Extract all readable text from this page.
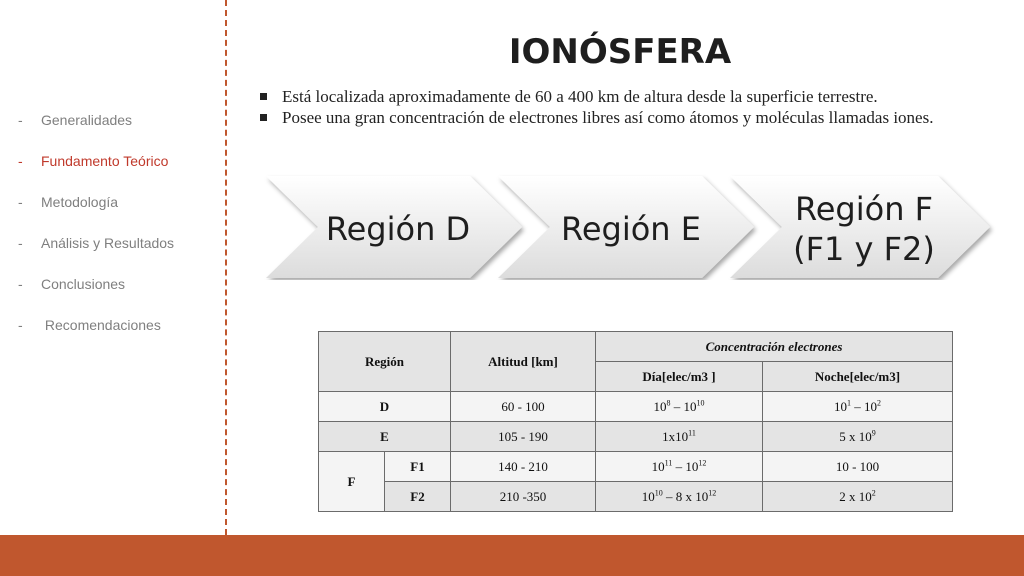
-	Generalidades
-	Fundamento Teórico
-	Metodología
-	Análisis y Resultados
-	Conclusiones
-	Recomendaciones
IONÓSFERA
Está localizada aproximadamente de 60 a 400 km de altura desde la superficie terrestre.
Posee una gran concentración de electrones libres así como átomos y moléculas llamadas iones.
Región D	Región E
Región F
(F1 y F2)
Región		Altitud [km]	Concentración electrones	
			Día[elec/m3 ]	Noche[elec/m3]
D		60 - 100	$10^8 - 10^{10}$	$10^1 - 10^2$
E		105 - 190	$1x10^{11}$	5 x $10^9$
F	F1	140 - 210	$10^{11} - 10^{12}$	10 - 100
	F2	210 -350	$10^{10} - 8$ x $10^{12}$	2 x $10^2$
